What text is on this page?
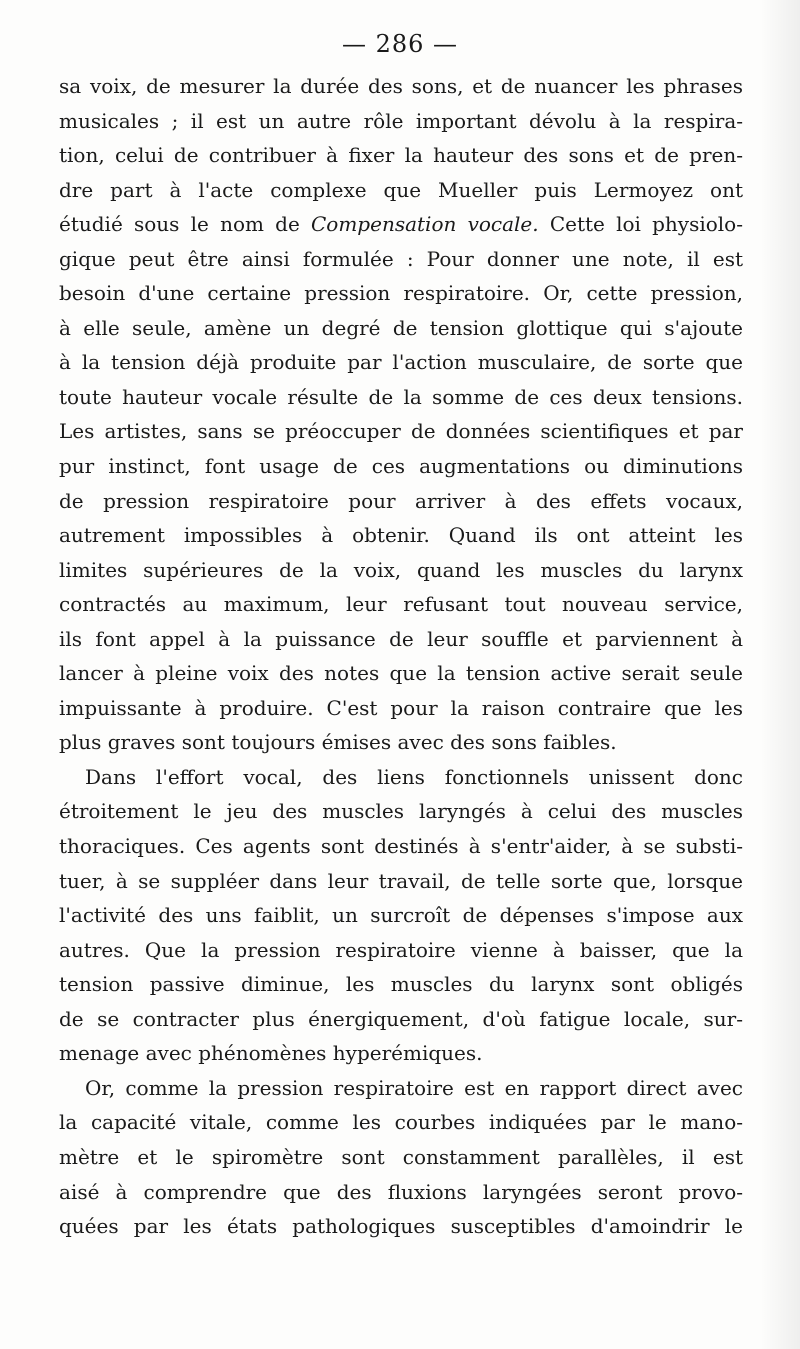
— 286 —
sa voix, de mesurer la durée des sons, et de nuancer les phrases
musicales ; il est un autre rôle important dévolu à la respira-
tion, celui de contribuer à fixer la hauteur des sons et de pren-
dre part à l'acte complexe que Mueller puis Lermoyez ont
étudié sous le nom de Compensation vocale. Cette loi physiolo-
gique peut être ainsi formulée : Pour donner une note, il est
besoin d'une certaine pression respiratoire. Or, cette pression,
à elle seule, amène un degré de tension glottique qui s'ajoute
à la tension déjà produite par l'action musculaire, de sorte que
toute hauteur vocale résulte de la somme de ces deux tensions.
Les artistes, sans se préoccuper de données scientifiques et par
pur instinct, font usage de ces augmentations ou diminutions
de pression respiratoire pour arriver à des effets vocaux,
autrement impossibles à obtenir. Quand ils ont atteint les
limites supérieures de la voix, quand les muscles du larynx
contractés au maximum, leur refusant tout nouveau service,
ils font appel à la puissance de leur souffle et parviennent à
lancer à pleine voix des notes que la tension active serait seule
impuissante à produire. C'est pour la raison contraire que les
plus graves sont toujours émises avec des sons faibles.
Dans l'effort vocal, des liens fonctionnels unissent donc
étroitement le jeu des muscles laryngés à celui des muscles
thoraciques. Ces agents sont destinés à s'entr'aider, à se substi-
tuer, à se suppléer dans leur travail, de telle sorte que, lorsque
l'activité des uns faiblit, un surcroît de dépenses s'impose aux
autres. Que la pression respiratoire vienne à baisser, que la
tension passive diminue, les muscles du larynx sont obligés
de se contracter plus énergiquement, d'où fatigue locale, sur-
menage avec phénomènes hyperémiques.
Or, comme la pression respiratoire est en rapport direct avec
la capacité vitale, comme les courbes indiquées par le mano-
mètre et le spiromètre sont constamment parallèles, il est
aisé à comprendre que des fluxions laryngées seront provo-
quées par les états pathologiques susceptibles d'amoindrir le
